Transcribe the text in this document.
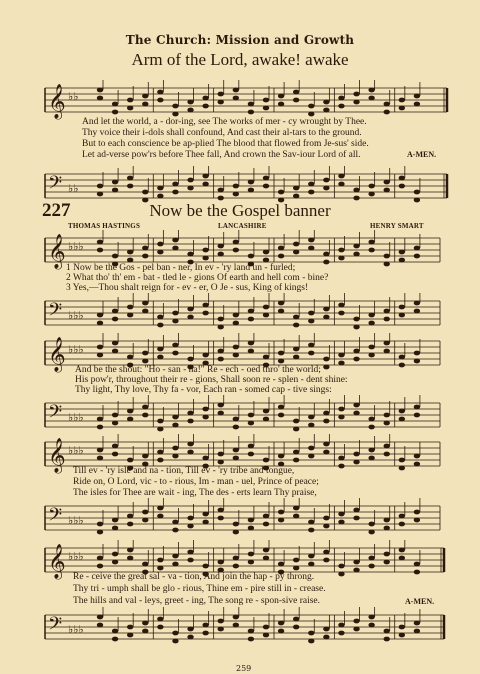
The Church: Mission and Growth
Arm of the Lord, awake! awake
𝄞 ♭♭
𝄢 ♭♭
And let the world, a - dor-ing, see The works of mer - cy wrought by Thee.
Thy voice their i-dols shall confound, And cast their al-tars to the ground.
But to each conscience be ap-plied The blood that flowed from Je-sus' side.
Let ad-verse pow'rs before Thee fall, And crown the Sav-iour Lord of all.	A-MEN.
227	Now be the Gospel banner
THOMAS HASTINGS	LANCASHIRE	HENRY SMART
𝄞 ♭♭♭
1 Now be the Gos - pel ban - ner, In ev - 'ry land un - furled;
2 What tho' th' em - bat - tled le - gions Of earth and hell com - bine?
3 Yes,—Thou shalt reign for - ev - er, O Je - sus, King of kings!
𝄢 ♭♭♭
𝄞 ♭♭♭
And be the shout: "Ho - san - na!" Re - ech - oed thro' the world;
His pow'r, throughout their re - gions, Shall soon re - splen - dent shine:
Thy light, Thy love, Thy fa - vor, Each ran - somed cap - tive sings:
𝄢 ♭♭♭
𝄞 ♭♭♭
Till ev - 'ry isle and na - tion, Till ev - 'ry tribe and tongue,
Ride on, O Lord, vic - to - rious, Im - man - uel, Prince of peace;
The isles for Thee are wait - ing, The des - erts learn Thy praise,
𝄢 ♭♭♭
𝄞 ♭♭♭
Re - ceive the great sal - va - tion, And join the hap - py throng.
Thy tri - umph shall be glo - rious, Thine em - pire still in - crease.
The hills and val - leys, greet - ing, The song re - spon-sive raise.	A-MEN.
𝄢 ♭♭♭
259
